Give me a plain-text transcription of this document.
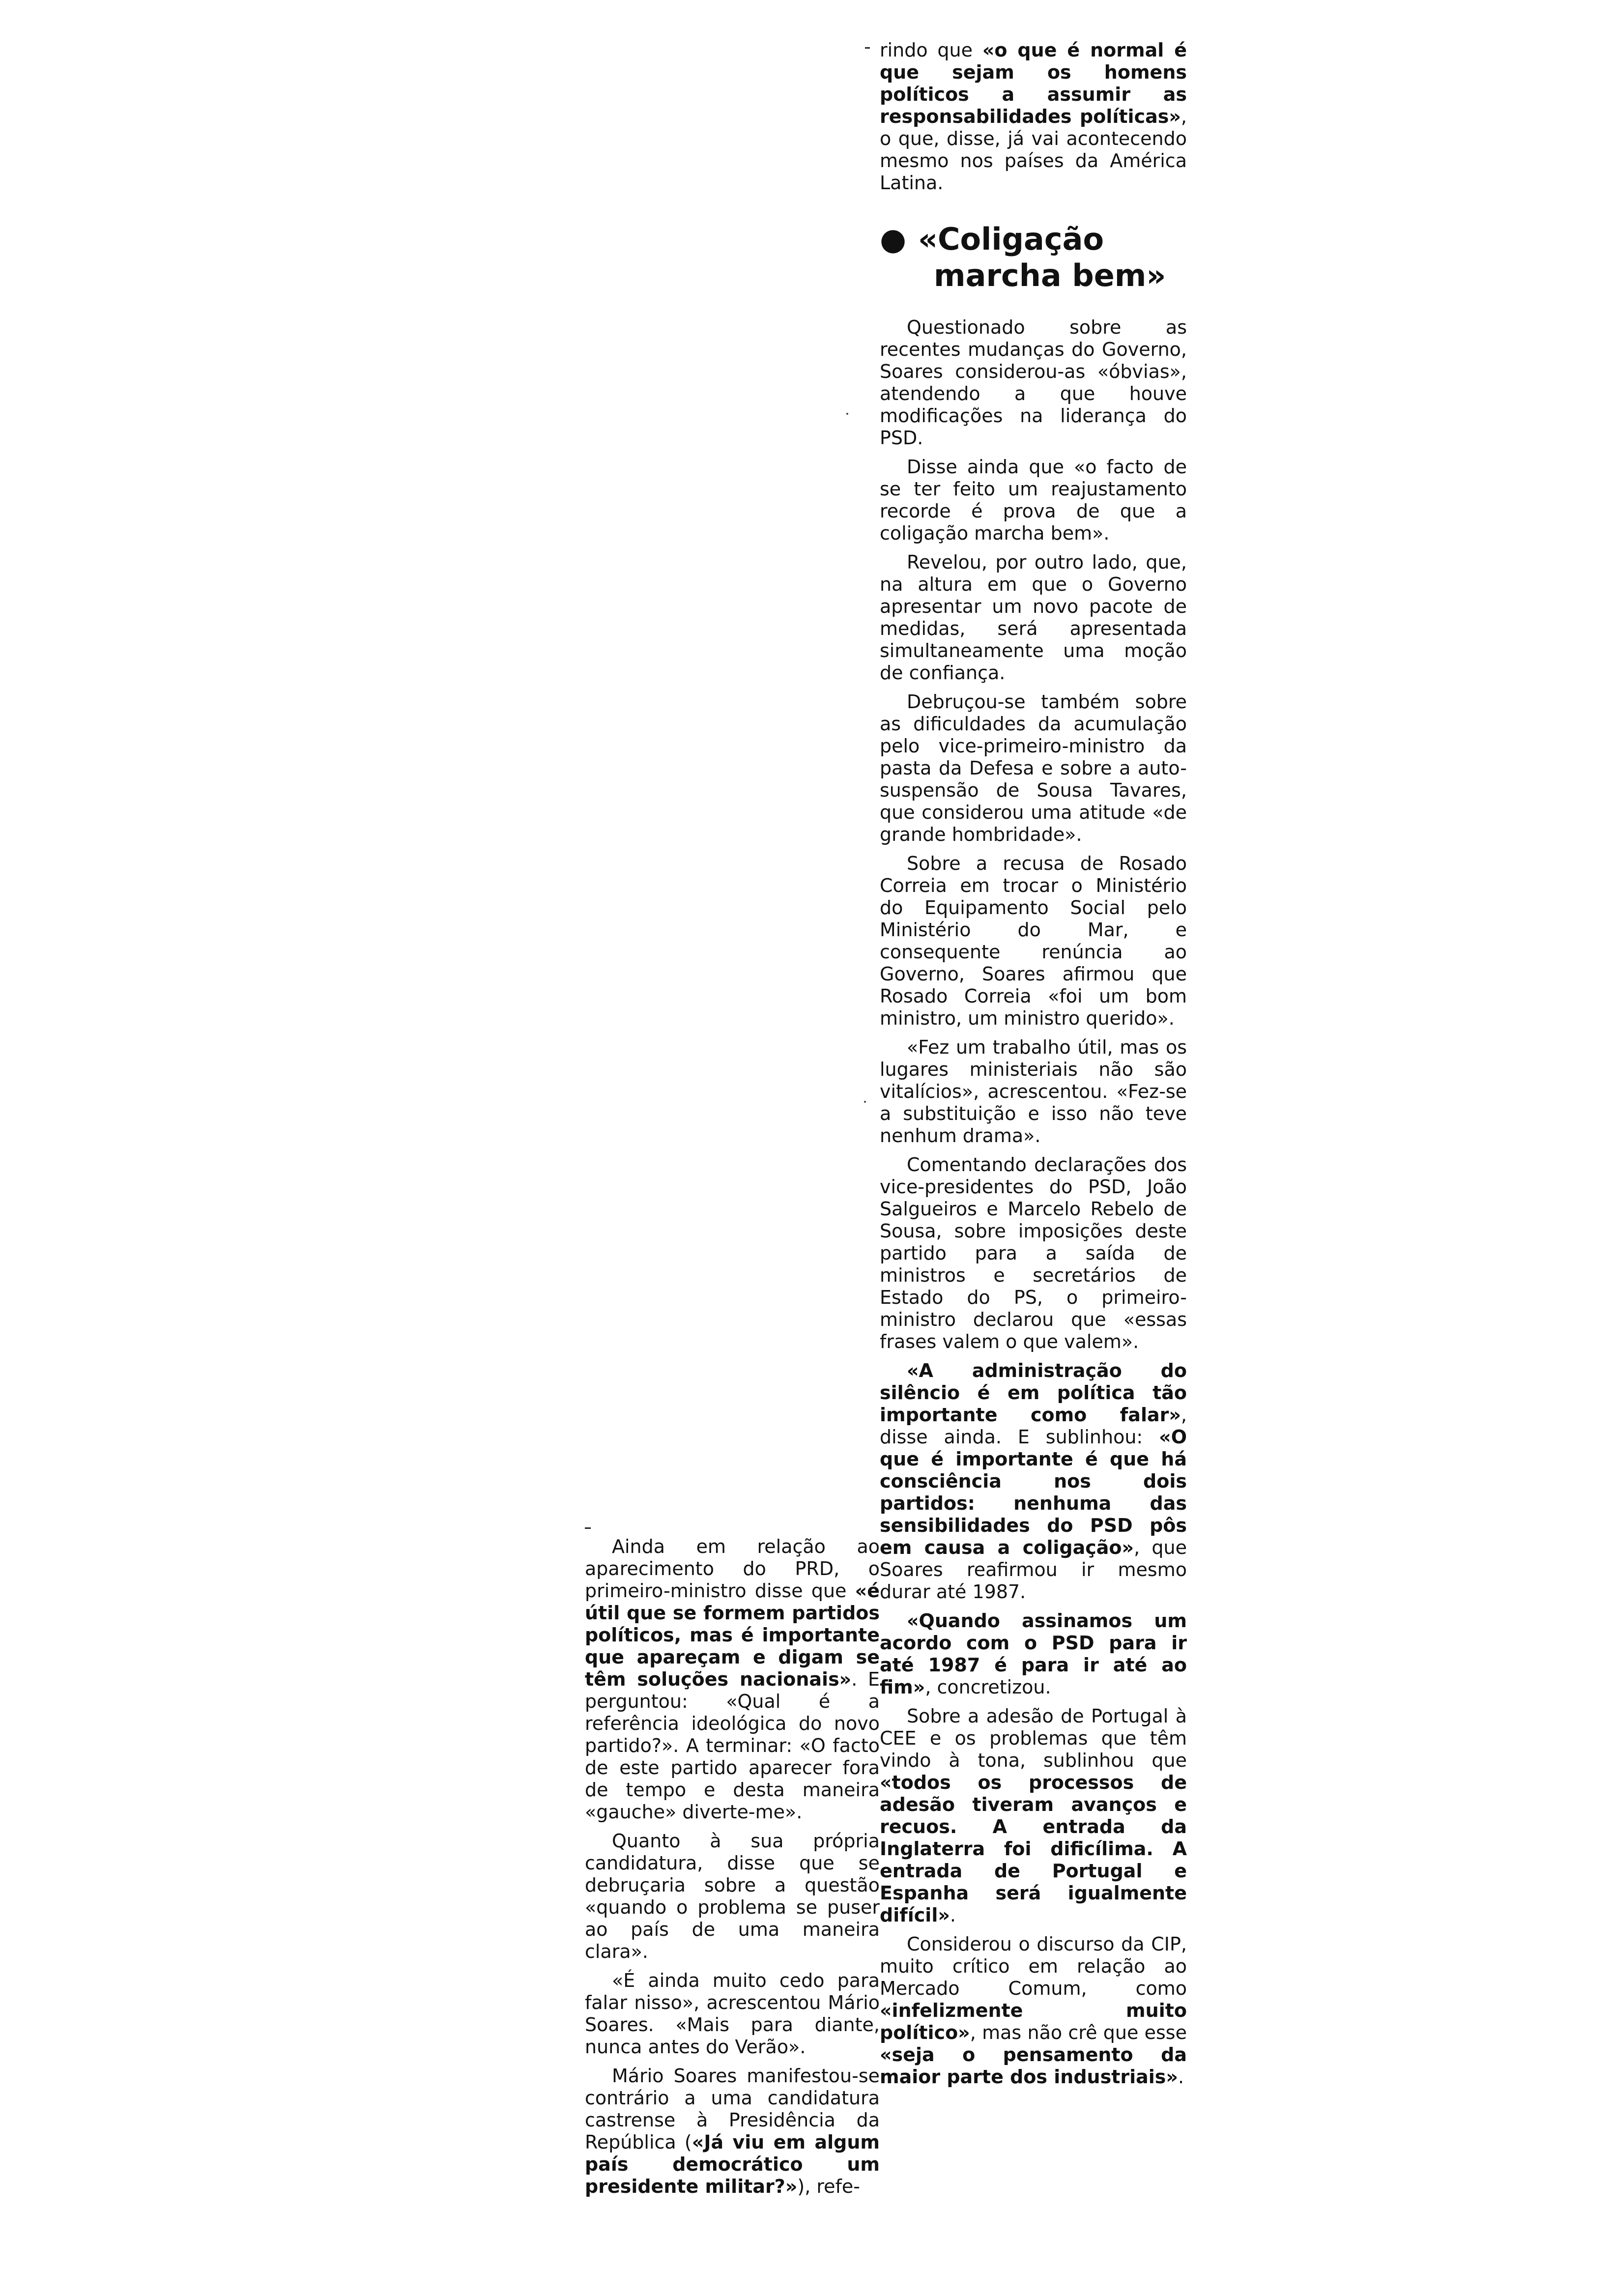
Ainda em relação ao aparecimento do PRD, o primeiro-ministro disse que «é útil que se formem partidos políticos, mas é importante que apareçam e digam se têm soluções nacionais». E perguntou: «Qual é a referência ideológica do novo partido?». A terminar: «O facto de este partido aparecer fora de tempo e desta maneira «gauche» diverte-me».

Quanto à sua própria candidatura, disse que se debruçaria sobre a questão «quando o problema se puser ao país de uma maneira clara».

«É ainda muito cedo para falar nisso», acrescentou Mário Soares. «Mais para diante, nunca antes do Verão».

Mário Soares manifestou-se contrário a uma candidatura castrense à Presidência da República («Já viu em algum país democrático um presidente militar?»), refe-

rindo que «o que é normal é que sejam os homens políticos a assumir as responsabilidades políticas», o que, disse, já vai acontecendo mesmo nos países da América Latina.

● «Coligação
marcha bem»

Questionado sobre as recentes mudanças do Governo, Soares considerou-as «óbvias», atendendo a que houve modificações na liderança do PSD.

Disse ainda que «o facto de se ter feito um reajustamento recorde é prova de que a coligação marcha bem».

Revelou, por outro lado, que, na altura em que o Governo apresentar um novo pacote de medidas, será apresentada simultaneamente uma moção de confiança.

Debruçou-se também sobre as dificuldades da acumulação pelo vice-primeiro-ministro da pasta da Defesa e sobre a auto-suspensão de Sousa Tavares, que considerou uma atitude «de grande hombridade».

Sobre a recusa de Rosado Correia em trocar o Ministério do Equipamento Social pelo Ministério do Mar, e consequente renúncia ao Governo, Soares afirmou que Rosado Correia «foi um bom ministro, um ministro querido».

«Fez um trabalho útil, mas os lugares ministeriais não são vitalícios», acrescentou. «Fez-se a substituição e isso não teve nenhum drama».

Comentando declarações dos vice-presidentes do PSD, João Salgueiros e Marcelo Rebelo de Sousa, sobre imposições deste partido para a saída de ministros e secretários de Estado do PS, o primeiro-ministro declarou que «essas frases valem o que valem».

«A administração do silêncio é em política tão importante como falar», disse ainda. E sublinhou: «O que é importante é que há consciência nos dois partidos: nenhuma das sensibilidades do PSD pôs em causa a coligação», que Soares reafirmou ir mesmo durar até 1987.

«Quando assinamos um acordo com o PSD para ir até 1987 é para ir até ao fim», concretizou.

Sobre a adesão de Portugal à CEE e os problemas que têm vindo à tona, sublinhou que «todos os processos de adesão tiveram avanços e recuos. A entrada da Inglaterra foi dificílima. A entrada de Portugal e Espanha será igualmente difícil».

Considerou o discurso da CIP, muito crítico em relação ao Mercado Comum, como «infelizmente muito político», mas não crê que esse «seja o pensamento da maior parte dos industriais».
